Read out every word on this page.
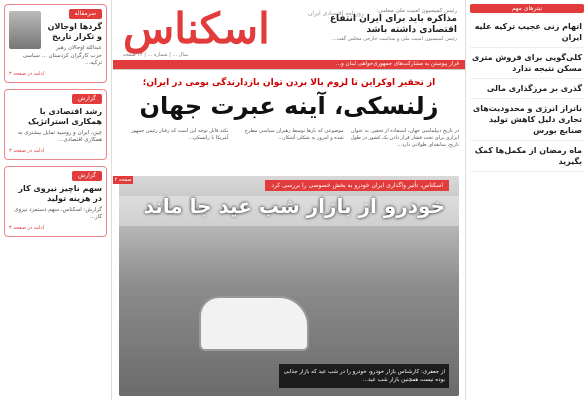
سرمقاله
گردها اوجالان و تکرار تاریخ
عبدالله اوجالان رهبر حزب کارگران کردستان ... سیاسی ترکیه...
ادامه در صفحه ۳
گزارش
رشد اقتصادی با همکاری استراتژیک
چین، ایران و روسیه تمایل بیشتری به همکاری اقتصادی...
ادامه در صفحه ۳
گزارش
سهم ناچیز نیروی کار در هزینه تولید
گزارش: اسکناس، سهم دستمزد نیروی کار...
ادامه در صفحه ۳
اسکناس	روزنامه اقتصادی ایران
سال ... | شماره ... | ۱۲ صفحه
قرار پیوستن به مشارکت‌های جمهوری‌خواهی لبنان و...
رئیس کمیسیون امنیت ملی مجلس:
مذاکره باید برای ایران انتفاع اقتصادی داشته باشد
رئیس کمیسیون امنیت ملی و سیاست خارجی مجلس گفت...
از تحقیر اوکراین تا لزوم بالا بردن توان بازدارندگی بومی در ایران؛
زلنسکی، آینه عبرت جهان
در تاریخ دیپلماسی جهان، استفاده از تحقیر، به عنوان ابزاری برای تحت فشار قرار دادن یک کشور در طول تاریخ، سابقه‌ای طولانی دارد...
موضوعی که بارها توسط رهبران سیاسی مطرح شده و امروز به شکلی آشکار...
نکته قابل توجه این است که رفتار رئیس جمهور آمریکا با زلنسکی...
اسکناس، تأثیر واگذاری ایران خودرو به بخش خصوصی را بررسی کرد
خودرو از بازار شب عید جا ماند
از جعفری: کارشناس بازار خودرو، خودرو را در شب عید که بازار جذابی بوده نیست همچنین بازار شب عید...
صفحه ۲
تیترهای مهم
اتهام زنی عجیب ترکیه علیه ایران
کلی‌گویی برای فروش متری مسکن نتیجه ندارد
گذری بر مرزگذاری مالی
ناتراز انرژی و محدودیت‌های تجاری دلیل کاهش تولید صنایع بورس
ماه رمضان از مکمل‌ها کمک بگیرید
